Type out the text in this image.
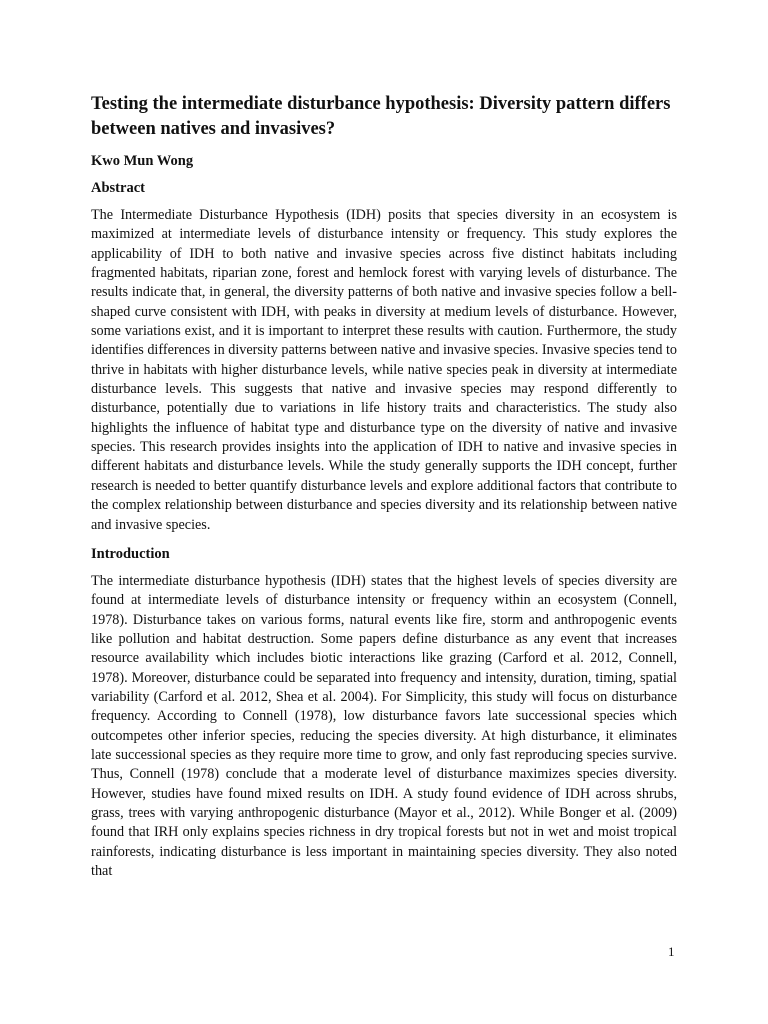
Testing the intermediate disturbance hypothesis: Diversity pattern differs between natives and invasives?
Kwo Mun Wong
Abstract

The Intermediate Disturbance Hypothesis (IDH) posits that species diversity in an ecosystem is maximized at intermediate levels of disturbance intensity or frequency. This study explores the applicability of IDH to both native and invasive species across five distinct habitats including fragmented habitats, riparian zone, forest and hemlock forest with varying levels of disturbance. The results indicate that, in general, the diversity patterns of both native and invasive species follow a bell-shaped curve consistent with IDH, with peaks in diversity at medium levels of disturbance. However, some variations exist, and it is important to interpret these results with caution. Furthermore, the study identifies differences in diversity patterns between native and invasive species. Invasive species tend to thrive in habitats with higher disturbance levels, while native species peak in diversity at intermediate disturbance levels. This suggests that native and invasive species may respond differently to disturbance, potentially due to variations in life history traits and characteristics. The study also highlights the influence of habitat type and disturbance type on the diversity of native and invasive species. This research provides insights into the application of IDH to native and invasive species in different habitats and disturbance levels. While the study generally supports the IDH concept, further research is needed to better quantify disturbance levels and explore additional factors that contribute to the complex relationship between disturbance and species diversity and its relationship between native and invasive species.

Introduction

The intermediate disturbance hypothesis (IDH) states that the highest levels of species diversity are found at intermediate levels of disturbance intensity or frequency within an ecosystem (Connell, 1978). Disturbance takes on various forms, natural events like fire, storm and anthropogenic events like pollution and habitat destruction. Some papers define disturbance as any event that increases resource availability which includes biotic interactions like grazing (Carford et al. 2012, Connell, 1978). Moreover, disturbance could be separated into frequency and intensity, duration, timing, spatial variability (Carford et al. 2012, Shea et al. 2004). For Simplicity, this study will focus on disturbance frequency. According to Connell (1978), low disturbance favors late successional species which outcompetes other inferior species, reducing the species diversity. At high disturbance, it eliminates late successional species as they require more time to grow, and only fast reproducing species survive. Thus, Connell (1978) conclude that a moderate level of disturbance maximizes species diversity. However, studies have found mixed results on IDH. A study found evidence of IDH across shrubs, grass, trees with varying anthropogenic disturbance (Mayor et al., 2012). While Bonger et al. (2009) found that IRH only explains species richness in dry tropical forests but not in wet and moist tropical rainforests, indicating disturbance is less important in maintaining species diversity. They also noted that

1
